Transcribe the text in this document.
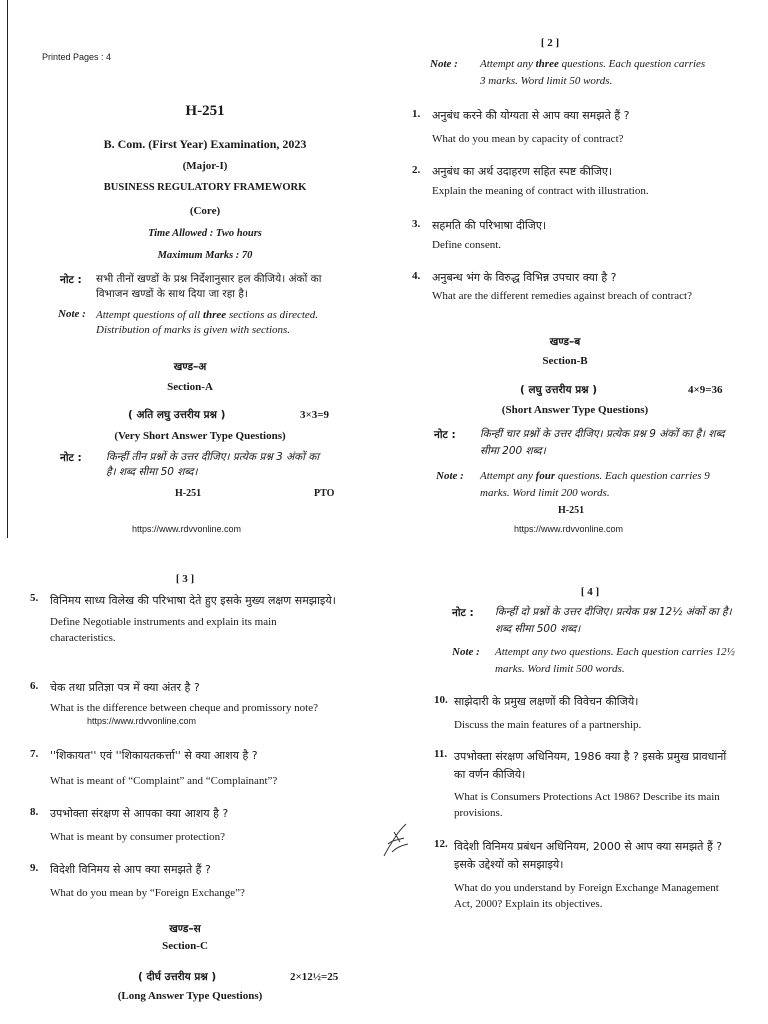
Printed Pages : 4
H-251
B. Com. (First Year) Examination, 2023
(Major-I)
BUSINESS REGULATORY FRAMEWORK
(Core)
Time Allowed : Two hours
Maximum Marks : 70
नोट : सभी तीनों खण्डों के प्रश्न निर्देशानुसार हल कीजिये। अंकों का विभाजन खण्डों के साथ दिया जा रहा है।
Note : Attempt questions of all three sections as directed. Distribution of marks is given with sections.
खण्ड–अ
Section-A
( अति लघु उत्तरीय प्रश्न )	3×3=9
(Very Short Answer Type Questions)
नोट : किन्हीं तीन प्रश्नों के उत्तर दीजिए। प्रत्येक प्रश्न 3 अंकों का है। शब्द सीमा 50 शब्द।
H-251	PTO
https://www.rdvvonline.com
[ 2 ]
Note : Attempt any three questions. Each question carries 3 marks. Word limit 50 words.
1. अनुबंध करने की योग्यता से आप क्या समझते हैं ?
What do you mean by capacity of contract?
2. अनुबंध का अर्थ उदाहरण सहित स्पष्ट कीजिए।
Explain the meaning of contract with illustration.
3. सहमति की परिभाषा दीजिए।
Define consent.
4. अनुबन्ध भंग के विरुद्ध विभिन्न उपचार क्या है ?
What are the different remedies against breach of contract?
खण्ड–ब
Section-B
( लघु उत्तरीय प्रश्न )	4×9=36
(Short Answer Type Questions)
नोट : किन्हीं चार प्रश्नों के उत्तर दीजिए। प्रत्येक प्रश्न 9 अंकों का है। शब्द सीमा 200 शब्द।
Note : Attempt any four questions. Each question carries 9 marks. Word limit 200 words.
H-251
https://www.rdvvonline.com
[ 3 ]
5. विनिमय साध्य विलेख की परिभाषा देते हुए इसके मुख्य लक्षण समझाइये।
Define Negotiable instruments and explain its main characteristics.
6. चेक तथा प्रतिज्ञा पत्र में क्या अंतर है ?
What is the difference between cheque and promissory note?
https://www.rdvvonline.com
7. ''शिकायत'' एवं ''शिकायतकर्त्ता'' से क्या आशय है ?
What is meant of “Complaint” and “Complainant”?
8. उपभोक्ता संरक्षण से आपका क्या आशय है ?
What is meant by consumer protection?
9. विदेशी विनिमय से आप क्या समझते हैं ?
What do you mean by “Foreign Exchange”?
खण्ड–स
Section-C
( दीर्घ उत्तरीय प्रश्न )	2×12½=25
(Long Answer Type Questions)
[ 4 ]
नोट : किन्हीं दो प्रश्नों के उत्तर दीजिए। प्रत्येक प्रश्न 12½ अंकों का है। शब्द सीमा 500 शब्द।
Note : Attempt any two questions. Each question carries 12½ marks. Word limit 500 words.
10. साझेदारी के प्रमुख लक्षणों की विवेचन कीजिये।
Discuss the main features of a partnership.
11. उपभोक्ता संरक्षण अधिनियम, 1986 क्या है ? इसके प्रमुख प्रावधानों का वर्णन कीजिये।
What is Consumers Protections Act 1986? Describe its main provisions.
12. विदेशी विनिमय प्रबंधन अधिनियम, 2000 से आप क्या समझते हैं ? इसके उद्देश्यों को समझाइये।
What do you understand by Foreign Exchange Management Act, 2000? Explain its objectives.
